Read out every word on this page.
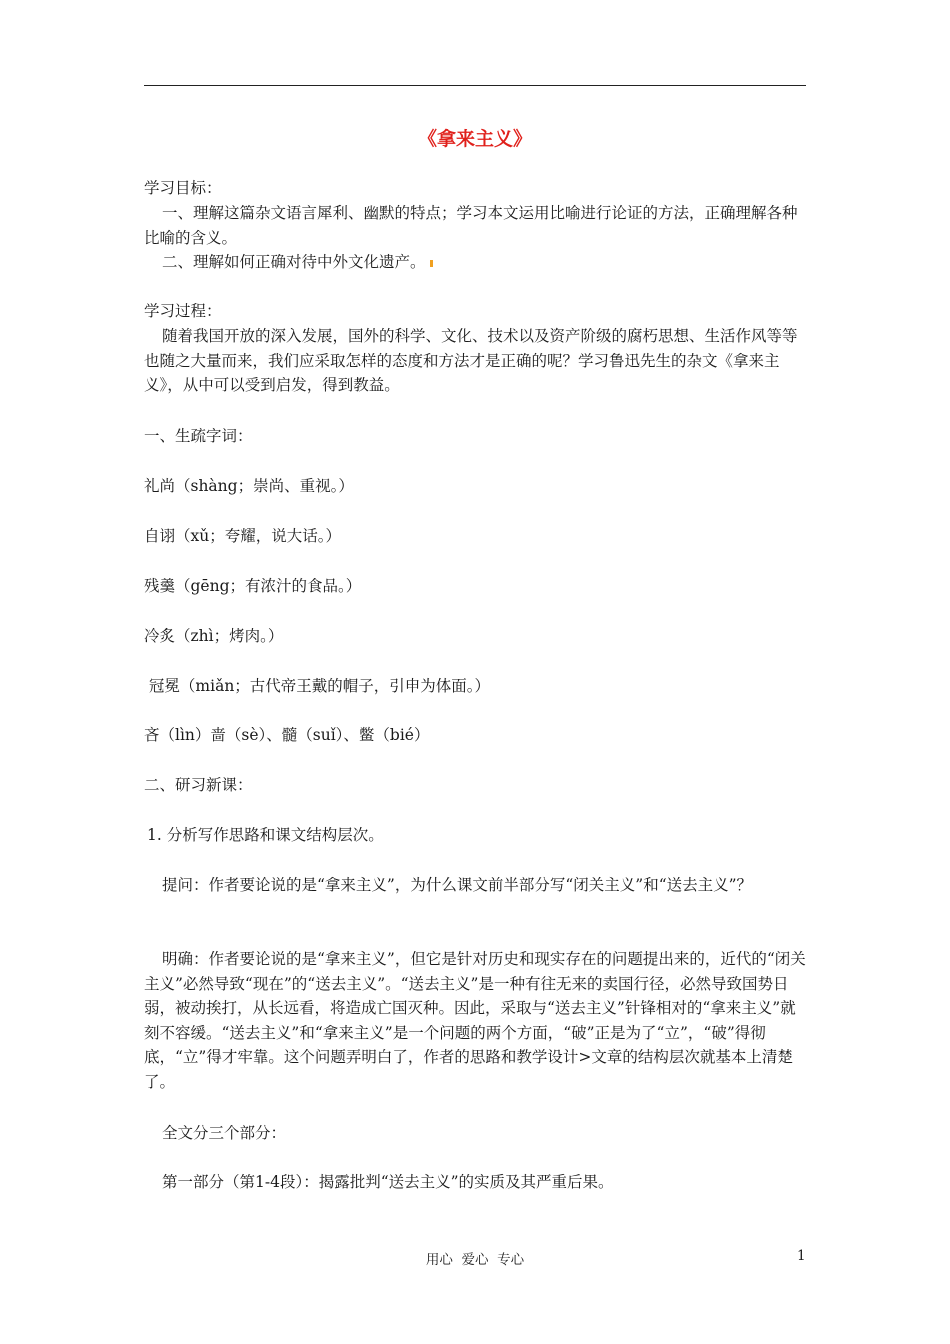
《拿来主义》

学习目标：

一、理解这篇杂文语言犀利、幽默的特点；学习本文运用比喻进行论证的方法，正确理解各种比喻的含义。

二、理解如何正确对待中外文化遗产。

学习过程：

随着我国开放的深入发展，国外的科学、文化、技术以及资产阶级的腐朽思想、生活作风等等也随之大量而来，我们应采取怎样的态度和方法才是正确的呢？学习鲁迅先生的杂文《拿来主义》，从中可以受到启发，得到教益。

一、生疏字词：

礼尚（shàng；崇尚、重视。）

自诩（xǔ；夸耀，说大话。）

残羹（gēng；有浓汁的食品。）

冷炙（zhì；烤肉。）

冠冕（miǎn；古代帝王戴的帽子，引申为体面。）

吝（lìn）啬（sè）、髓（suǐ）、鳖（bié）

二、研习新课：

1. 分析写作思路和课文结构层次。

提问：作者要论说的是“拿来主义”，为什么课文前半部分写“闭关主义”和“送去主义”？

明确：作者要论说的是“拿来主义”，但它是针对历史和现实存在的问题提出来的，近代的“闭关主义”必然导致“现在”的“送去主义”。“送去主义”是一种有往无来的卖国行径，必然导致国势日弱，被动挨打，从长远看，将造成亡国灭种。因此，采取与“送去主义”针锋相对的“拿来主义”就刻不容缓。“送去主义”和“拿来主义”是一个问题的两个方面，“破”正是为了“立”，“破”得彻底，“立”得才牢靠。这个问题弄明白了，作者的思路和教学设计>文章的结构层次就基本上清楚了。

全文分三个部分：

第一部分（第1-4段）：揭露批判“送去主义”的实质及其严重后果。

用心  爱心  专心	1
